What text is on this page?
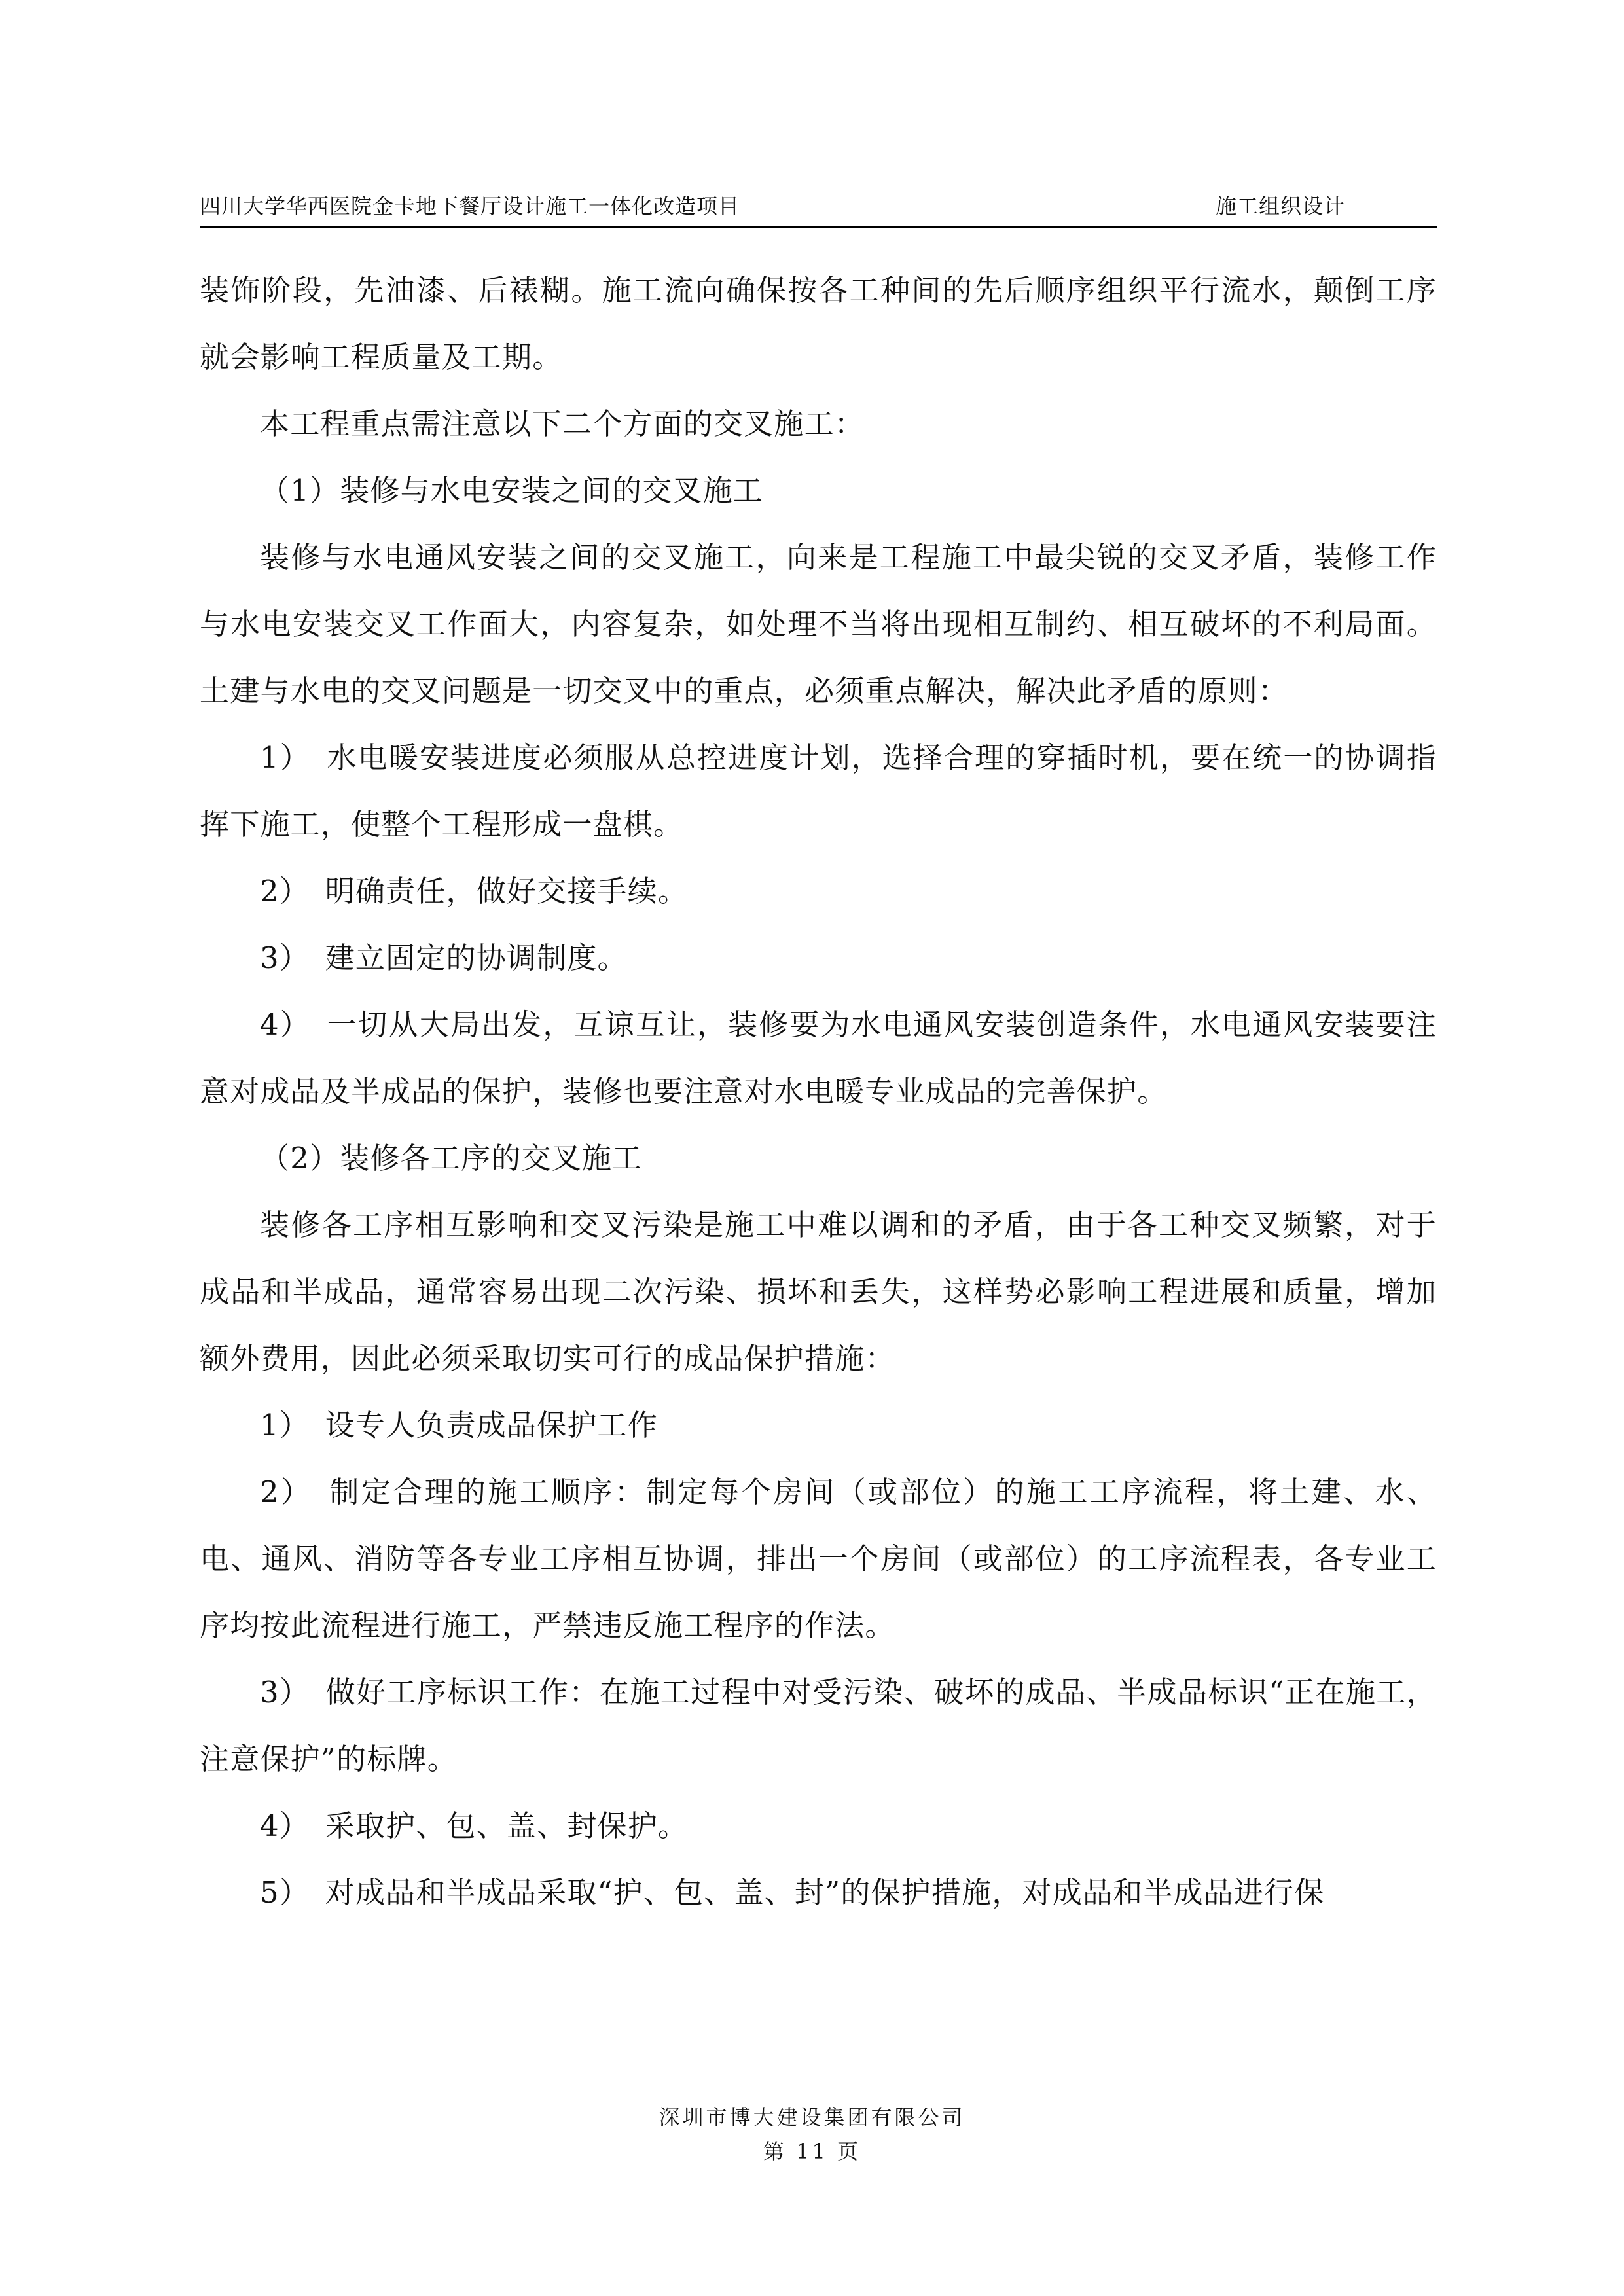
四川大学华西医院金卡地下餐厅设计施工一体化改造项目	施工组织设计

装饰阶段，先油漆、后裱糊。施工流向确保按各工种间的先后顺序组织平行流水，颠倒工序就会影响工程质量及工期。

本工程重点需注意以下二个方面的交叉施工：

（1）装修与水电安装之间的交叉施工

装修与水电通风安装之间的交叉施工，向来是工程施工中最尖锐的交叉矛盾，装修工作与水电安装交叉工作面大，内容复杂，如处理不当将出现相互制约、相互破坏的不利局面。土建与水电的交叉问题是一切交叉中的重点，必须重点解决，解决此矛盾的原则：

1）　水电暖安装进度必须服从总控进度计划，选择合理的穿插时机，要在统一的协调指挥下施工，使整个工程形成一盘棋。

2）　明确责任，做好交接手续。

3）　建立固定的协调制度。

4）　一切从大局出发，互谅互让，装修要为水电通风安装创造条件，水电通风安装要注意对成品及半成品的保护，装修也要注意对水电暖专业成品的完善保护。

（2）装修各工序的交叉施工

装修各工序相互影响和交叉污染是施工中难以调和的矛盾，由于各工种交叉频繁，对于成品和半成品，通常容易出现二次污染、损坏和丢失，这样势必影响工程进展和质量，增加额外费用，因此必须采取切实可行的成品保护措施：

1）　设专人负责成品保护工作

2）　制定合理的施工顺序：制定每个房间（或部位）的施工工序流程，将土建、水、电、通风、消防等各专业工序相互协调，排出一个房间（或部位）的工序流程表，各专业工序均按此流程进行施工，严禁违反施工程序的作法。

3）　做好工序标识工作：在施工过程中对受污染、破坏的成品、半成品标识“正在施工，注意保护”的标牌。

4）　采取护、包、盖、封保护。

5）　对成品和半成品采取“护、包、盖、封”的保护措施，对成品和半成品进行保

深圳市博大建设集团有限公司
第 11 页
